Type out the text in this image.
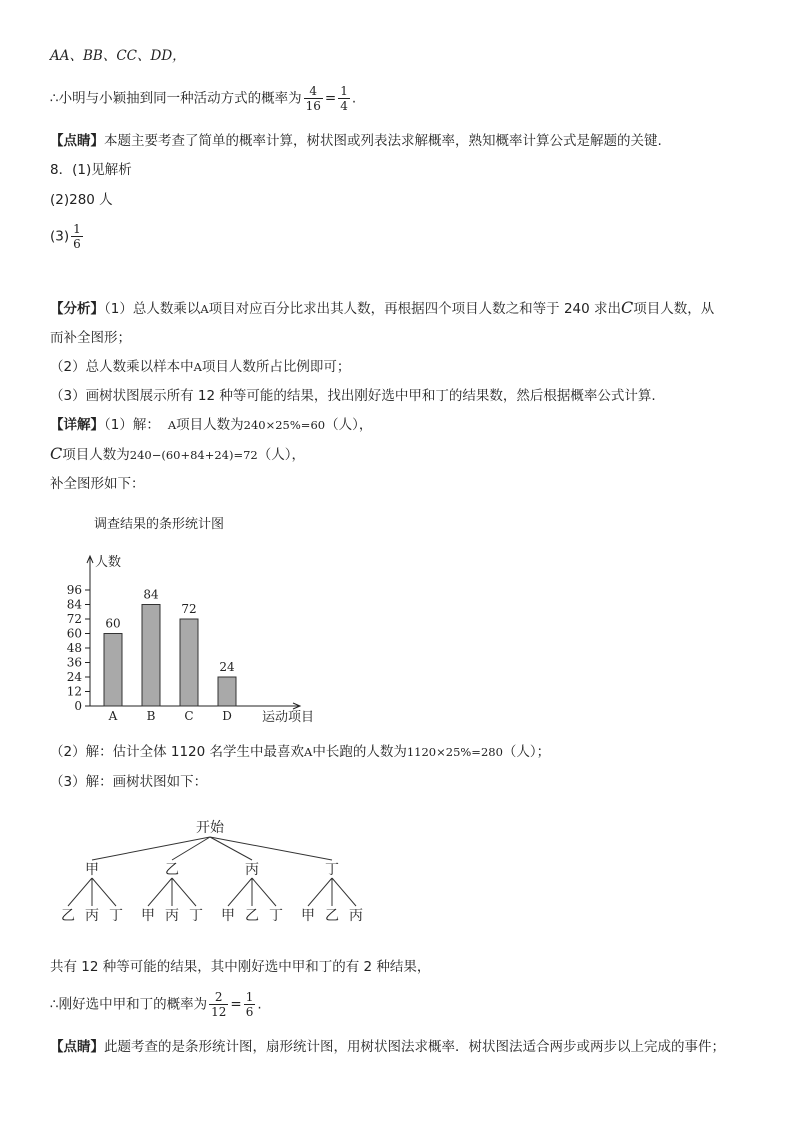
AA、BB、CC、DD，
∴小明与小颖抽到同一种活动方式的概率为 $\frac{4}{16} = \frac{1}{4}$ .
【点睛】本题主要考查了简单的概率计算，树状图或列表法求解概率，熟知概率计算公式是解题的关键.
8．(1)见解析
(2)280 人
$(3) \frac{1}{6}$
【分析】（1）总人数乘以A项目对应百分比求出其人数，再根据四个项目人数之和等于 240 求出C项目人数，从
而补全图形；
（2）总人数乘以样本中A项目人数所占比例即可；
（3）画树状图展示所有 12 种等可能的结果，找出刚好选中甲和丁的结果数，然后根据概率公式计算.
【详解】（1）解： A项目人数为240×25%=60（人），
C项目人数为240−(60+84+24)=72（人），
补全图形如下：
调查结果的条形统计图
人数
运动项目
0
12
24
36
48
60
72
84
96
60
A
84
B
72
C
24
D
（2）解：估计全体 1120 名学生中最喜欢A中长跑的人数为1120×25%=280（人）；
（3）解：画树状图如下：
开始
甲
乙 丙 丁
乙
甲 丙 丁
丙
甲 乙 丁
丁
甲 乙 丙
共有 12 种等可能的结果，其中刚好选中甲和丁的有 2 种结果，
∴刚好选中甲和丁的概率为 $\frac{2}{12} = \frac{1}{6}$ .
【点睛】此题考查的是条形统计图，扇形统计图，用树状图法求概率．树状图法适合两步或两步以上完成的事件；
